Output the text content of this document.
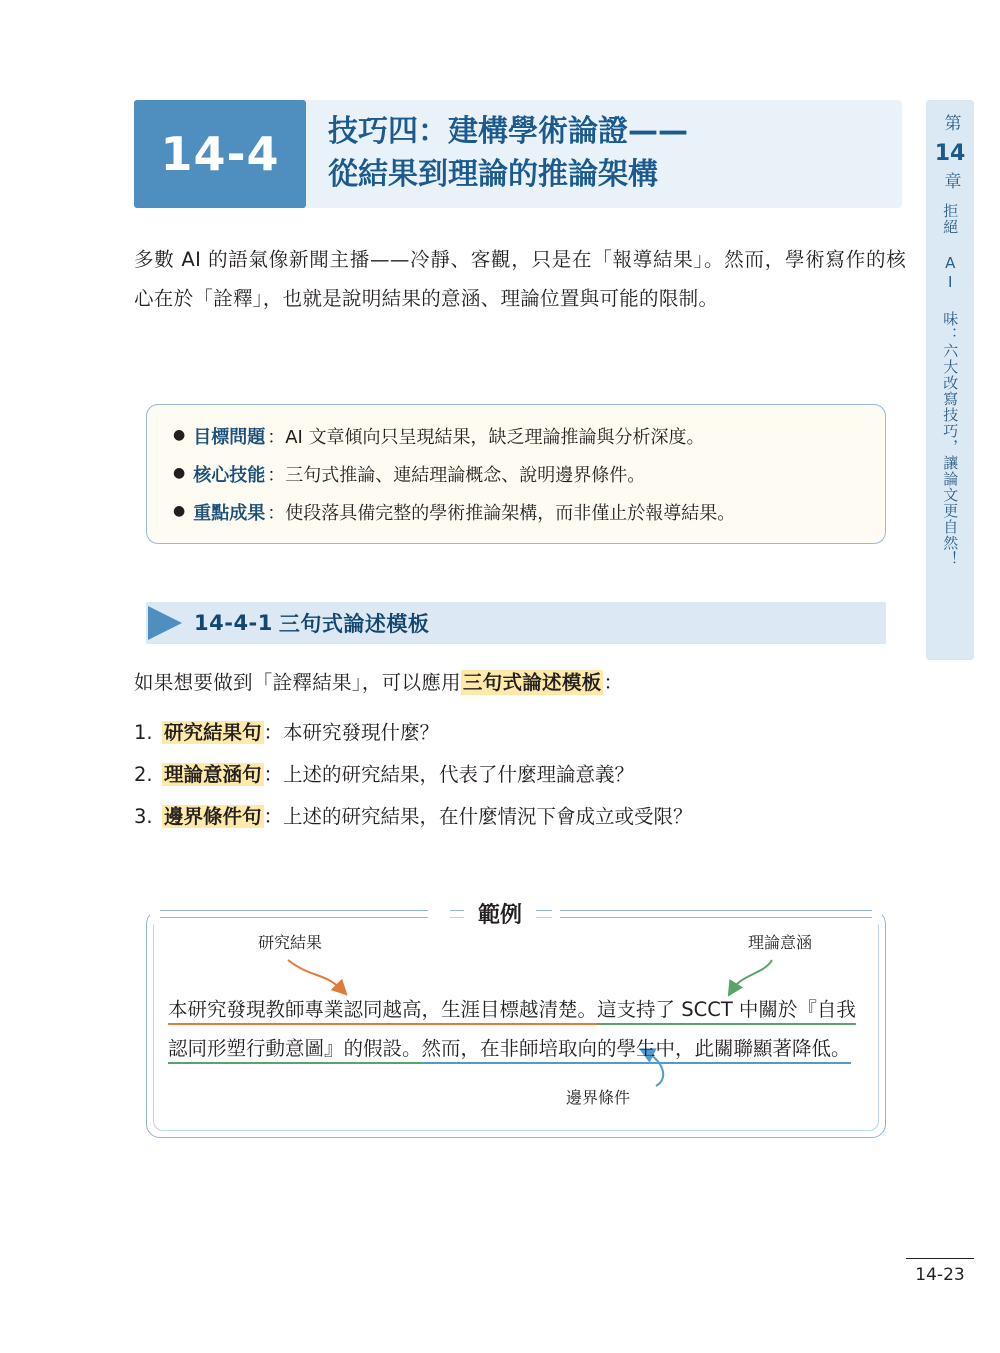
14-4	技巧四：建構學術論證——
從結果到理論的推論架構
第
14
章
拒絕 AI 味：六大改寫技巧，讓論文更自然！
多數 AI 的語氣像新聞主播——冷靜、客觀，只是在「報導結果」。然而，學術寫作的核心在於「詮釋」，也就是說明結果的意涵、理論位置與可能的限制。
● 目標問題 ：AI 文章傾向只呈現結果，缺乏理論推論與分析深度。
● 核心技能 ：三句式推論、連結理論概念、說明邊界條件。
● 重點成果 ：使段落具備完整的學術推論架構，而非僅止於報導結果。
14-4-1 三句式論述模板
如果想要做到「詮釋結果」，可以應用 三句式論述模板 ：
1. 研究結果句 ：本研究發現什麼？
2. 理論意涵句 ：上述的研究結果，代表了什麼理論意義？
3. 邊界條件句 ：上述的研究結果，在什麼情況下會成立或受限？
範例
研究結果	理論意涵
邊界條件
本研究發現教師專業認同越高，生涯目標越清楚。這支持了 SCCT 中關於『自我認同形塑行動意圖』的假設。然而，在非師培取向的學生中，此關聯顯著降低。
14-23
